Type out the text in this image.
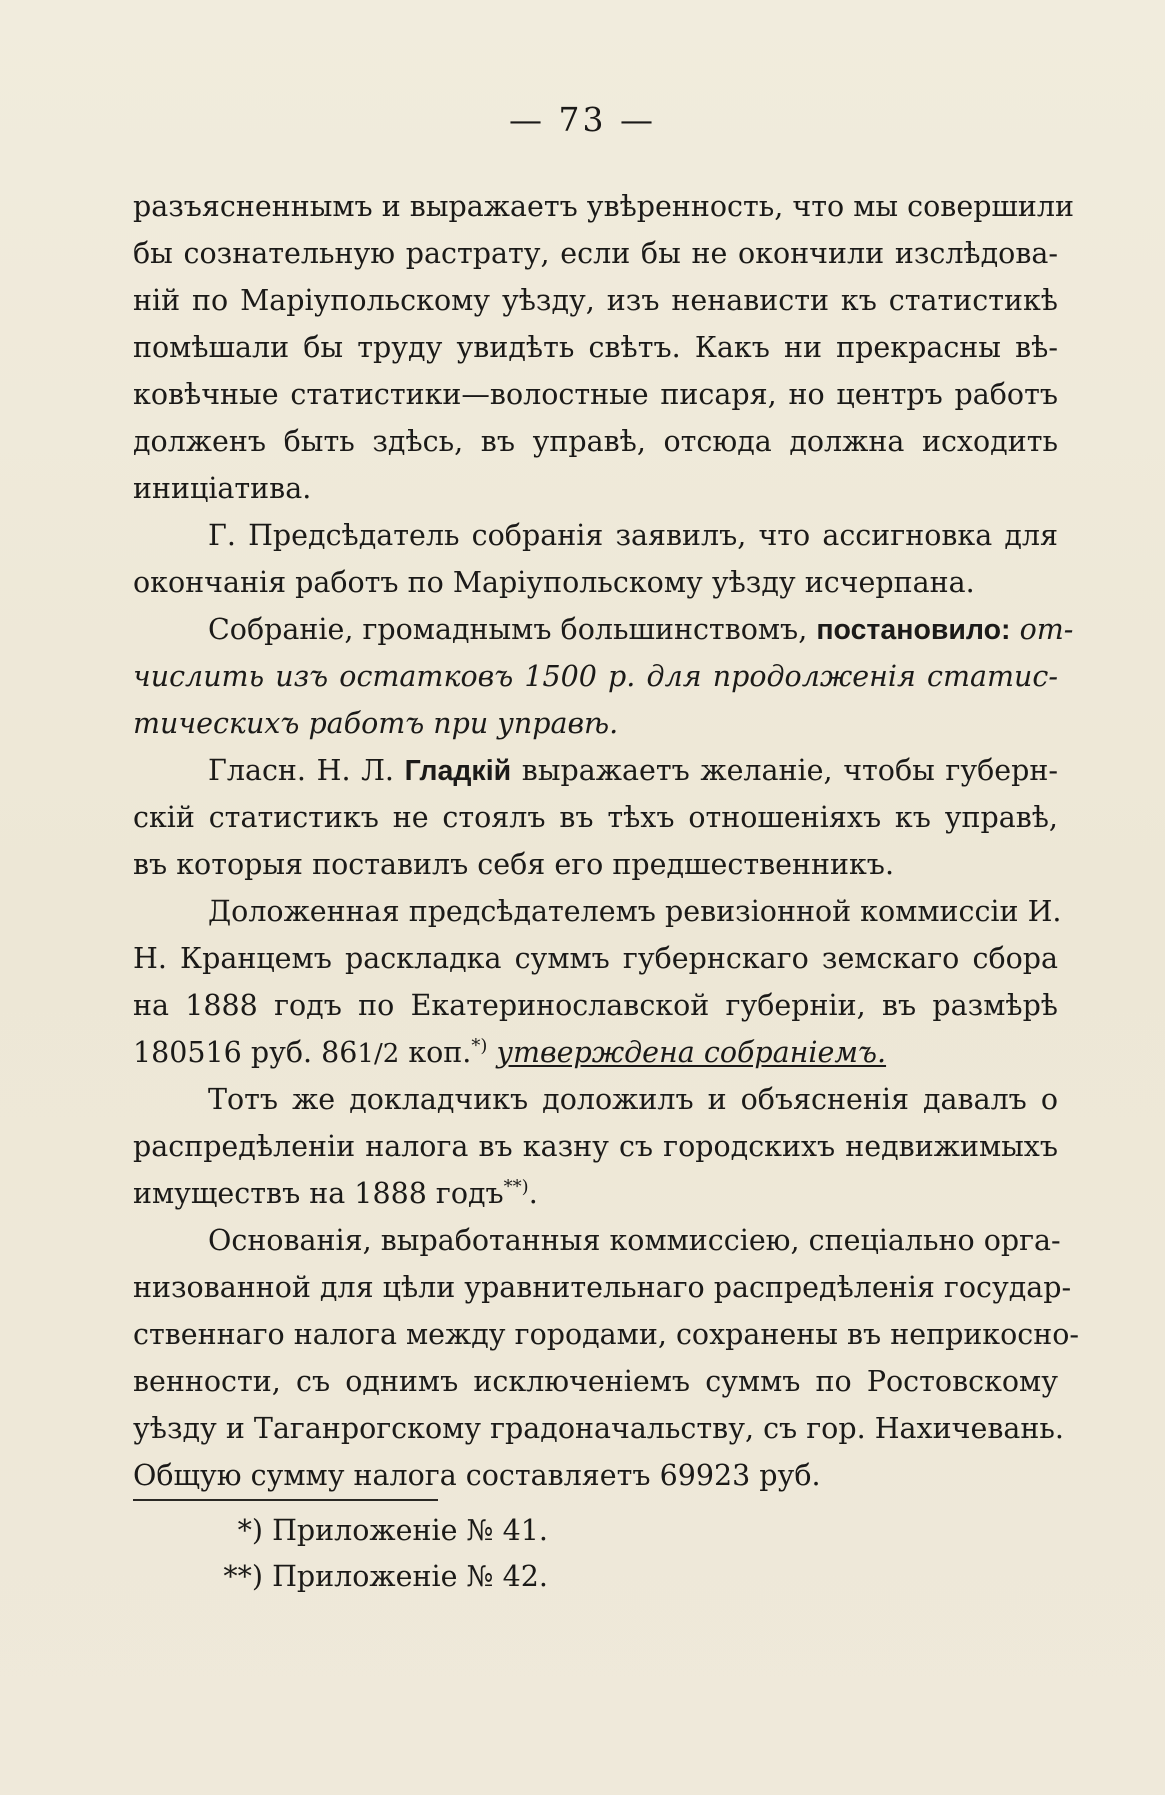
— 73 —
разъясненнымъ и выражаетъ увѣренность, что мы совершили
бы сознательную растрату, если бы не окончили изслѣдова-
ній по Маріупольскому уѣзду, изъ ненависти къ статистикѣ
помѣшали бы труду увидѣть свѣтъ. Какъ ни прекрасны вѣ-
ковѣчные статистики—волостные писаря, но центръ работъ
долженъ быть здѣсь, въ управѣ, отсюда должна исходить
иниціатива.
Г. Предсѣдатель собранія заявилъ, что ассигновка для
окончанія работъ по Маріупольскому уѣзду исчерпана.
Собраніе, громаднымъ большинствомъ, постановило: от-
числить изъ остатковъ 1500 р. для продолженія статис-
тическихъ работъ при управѣ.
Гласн. Н. Л. Гладкій выражаетъ желаніе, чтобы губерн-
скій статистикъ не стоялъ въ тѣхъ отношеніяхъ къ управѣ,
въ которыя поставилъ себя его предшественникъ.
Доложенная предсѣдателемъ ревизіонной коммиссіи И.
Н. Кранцемъ раскладка суммъ губернскаго земскаго сбора
на 1888 годъ по Екатеринославской губерніи, въ размѣрѣ
180516 руб. 861/2 коп.*) утверждена собраніемъ.
Тотъ же докладчикъ доложилъ и объясненія давалъ о
распредѣленіи налога въ казну съ городскихъ недвижимыхъ
имуществъ на 1888 годъ**).
Основанія, выработанныя коммиссіею, спеціально орга-
низованной для цѣли уравнительнаго распредѣленія государ-
ственнаго налога между городами, сохранены въ неприкосно-
венности, съ однимъ исключеніемъ суммъ по Ростовскому
уѣзду и Таганрогскому градоначальству, съ гор. Нахичевань.
Общую сумму налога составляетъ 69923 руб.
*) Приложеніе № 41.
**) Приложеніе № 42.
